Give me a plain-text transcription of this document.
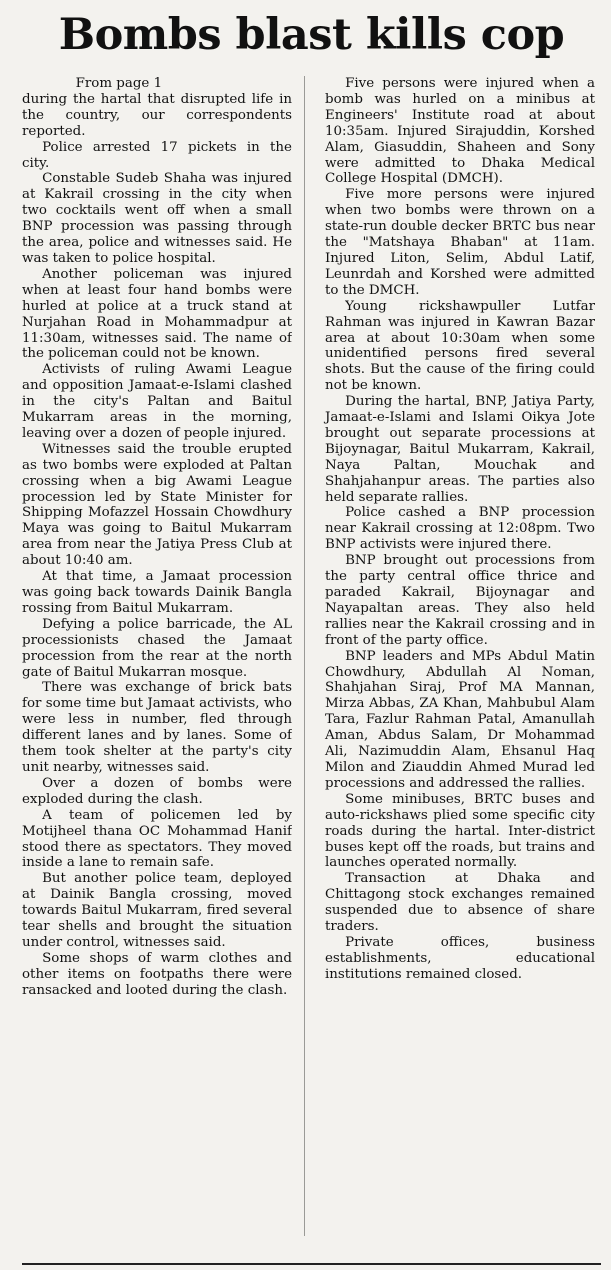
Bombs blast kills cop
From page 1

during the hartal that disrupted life in the country, our correspondents reported.

Police arrested 17 pickets in the city.

Constable Sudeb Shaha was injured at Kakrail crossing in the city when two cocktails went off when a small BNP procession was passing through the area, police and witnesses said. He was taken to police hospital.

Another policeman was injured when at least four hand bombs were hurled at police at a truck stand at Nurjahan Road in Mohammadpur at 11:30am, witnesses said. The name of the policeman could not be known.

Activists of ruling Awami League and opposition Jamaat-e-Islami clashed in the city's Paltan and Baitul Mukarram areas in the morning, leaving over a dozen of people injured.

Witnesses said the trouble erupted as two bombs were exploded at Paltan crossing when a big Awami League procession led by State Minister for Shipping Mofazzel Hossain Chowdhury Maya was going to Baitul Mukarram area from near the Jatiya Press Club at about 10:40 am.

At that time, a Jamaat procession was going back towards Dainik Bangla rossing from Baitul Mukarram.

Defying a police barricade, the AL processionists chased the Jamaat procession from the rear at the north gate of Baitul Mukarran mosque.

There was exchange of brick bats for some time but Jamaat activists, who were less in number, fled through different lanes and by lanes. Some of them took shelter at the party's city unit nearby, witnesses said.

Over a dozen of bombs were exploded during the clash.

A team of policemen led by Motijheel thana OC Mohammad Hanif stood there as spectators. They moved inside a lane to remain safe.

But another police team, deployed at Dainik Bangla crossing, moved towards Baitul Mukarram, fired several tear shells and brought the situation under control, witnesses said.

Some shops of warm clothes and other items on footpaths there were ransacked and looted during the clash.

Five persons were injured when a bomb was hurled on a minibus at Engineers' Institute road at about 10:35am. Injured Sirajuddin, Korshed Alam, Giasuddin, Shaheen and Sony were admitted to Dhaka Medical College Hospital (DMCH).

Five more persons were injured when two bombs were thrown on a state-run double decker BRTC bus near the "Matshaya Bhaban" at 11am. Injured Liton, Selim, Abdul Latif, Leunrdah and Korshed were admitted to the DMCH.

Young rickshawpuller Lutfar Rahman was injured in Kawran Bazar area at about 10:30am when some unidentified persons fired several shots. But the cause of the firing could not be known.

During the hartal, BNP, Jatiya Party, Jamaat-e-Islami and Islami Oikya Jote brought out separate processions at Bijoynagar, Baitul Mukarram, Kakrail, Naya Paltan, Mouchak and Shahjahanpur areas. The parties also held separate rallies.

Police cashed a BNP procession near Kakrail crossing at 12:08pm. Two BNP activists were injured there.

BNP brought out processions from the party central office thrice and paraded Kakrail, Bijoynagar and Nayapaltan areas. They also held rallies near the Kakrail crossing and in front of the party office.

BNP leaders and MPs Abdul Matin Chowdhury, Abdullah Al Noman, Shahjahan Siraj, Prof MA Mannan, Mirza Abbas, ZA Khan, Mahbubul Alam Tara, Fazlur Rahman Patal, Amanullah Aman, Abdus Salam, Dr Mohammad Ali, Nazimuddin Alam, Ehsanul Haq Milon and Ziauddin Ahmed Murad led processions and addressed the rallies.

Some minibuses, BRTC buses and auto-rickshaws plied some specific city roads during the hartal. Inter-district buses kept off the roads, but trains and launches operated normally.

Transaction at Dhaka and Chittagong stock exchanges remained suspended due to absence of share traders.

Private offices, business establishments, educational institutions remained closed.
